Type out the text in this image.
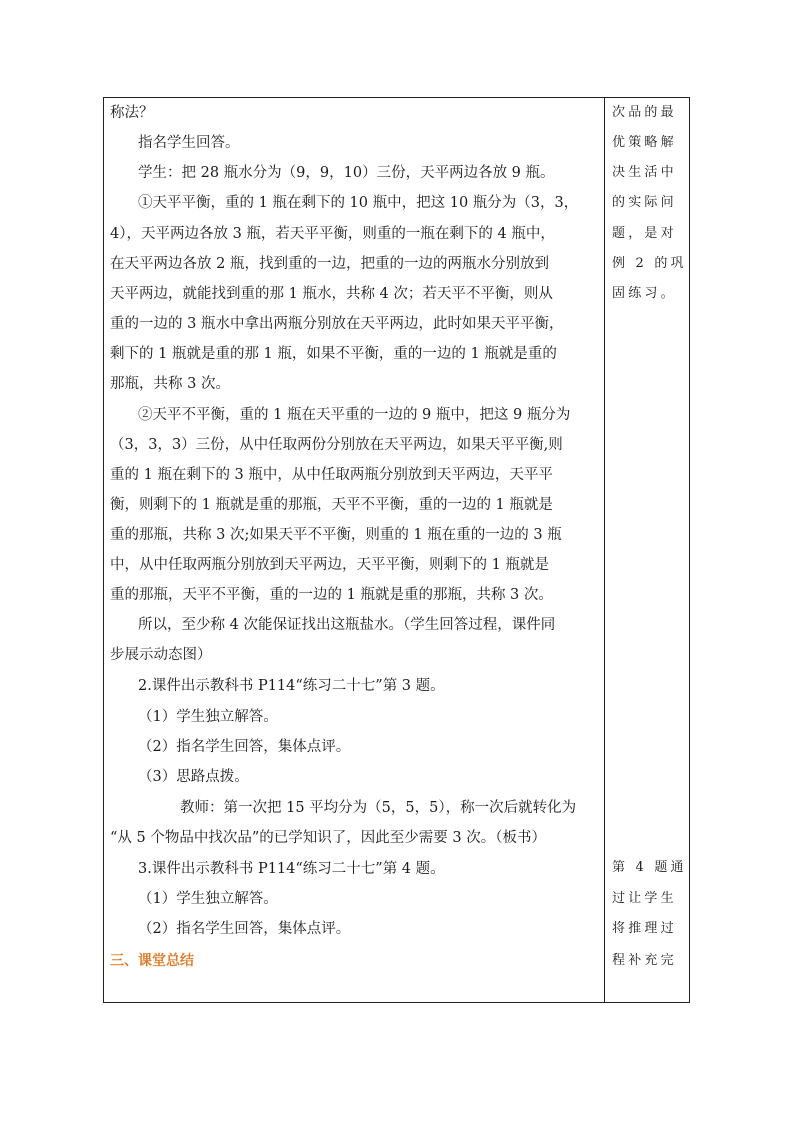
称法？
指名学生回答。
学生：把 28 瓶水分为（9，9，10）三份，天平两边各放 9 瓶。
①天平平衡，重的 1 瓶在剩下的 10 瓶中，把这 10 瓶分为（3，3，
4），天平两边各放 3 瓶，若天平平衡，则重的一瓶在剩下的 4 瓶中，
在天平两边各放 2 瓶，找到重的一边，把重的一边的两瓶水分别放到
天平两边，就能找到重的那 1 瓶水，共称 4 次；若天平不平衡，则从
重的一边的 3 瓶水中拿出两瓶分别放在天平两边，此时如果天平平衡，
剩下的 1 瓶就是重的那 1 瓶，如果不平衡，重的一边的 1 瓶就是重的
那瓶，共称 3 次。
②天平不平衡，重的 1 瓶在天平重的一边的 9 瓶中，把这 9 瓶分为
（3，3，3）三份，从中任取两份分别放在天平两边，如果天平平衡,则
重的 1 瓶在剩下的 3 瓶中，从中任取两瓶分别放到天平两边，天平平
衡，则剩下的 1 瓶就是重的那瓶，天平不平衡，重的一边的 1 瓶就是
重的那瓶，共称 3 次;如果天平不平衡，则重的 1 瓶在重的一边的 3 瓶
中，从中任取两瓶分别放到天平两边，天平平衡，则剩下的 1 瓶就是
重的那瓶，天平不平衡，重的一边的 1 瓶就是重的那瓶，共称 3 次。
所以，至少称 4 次能保证找出这瓶盐水。（学生回答过程，课件同
步展示动态图）
2.课件出示教科书 P114“练习二十七”第 3 题。
（1）学生独立解答。
（2）指名学生回答，集体点评。
（3）思路点拨。
教师：第一次把 15 平均分为（5，5，5），称一次后就转化为
“从 5 个物品中找次品”的已学知识了，因此至少需要 3 次。（板书）
3.课件出示教科书 P114“练习二十七”第 4 题。
（1）学生独立解答。
（2）指名学生回答，集体点评。
三、课堂总结
次品的最
优策略解
决生活中
的实际问
题，是对
例 2 的巩
固练习。
第 4 题通
过让学生
将推理过
程补充完
